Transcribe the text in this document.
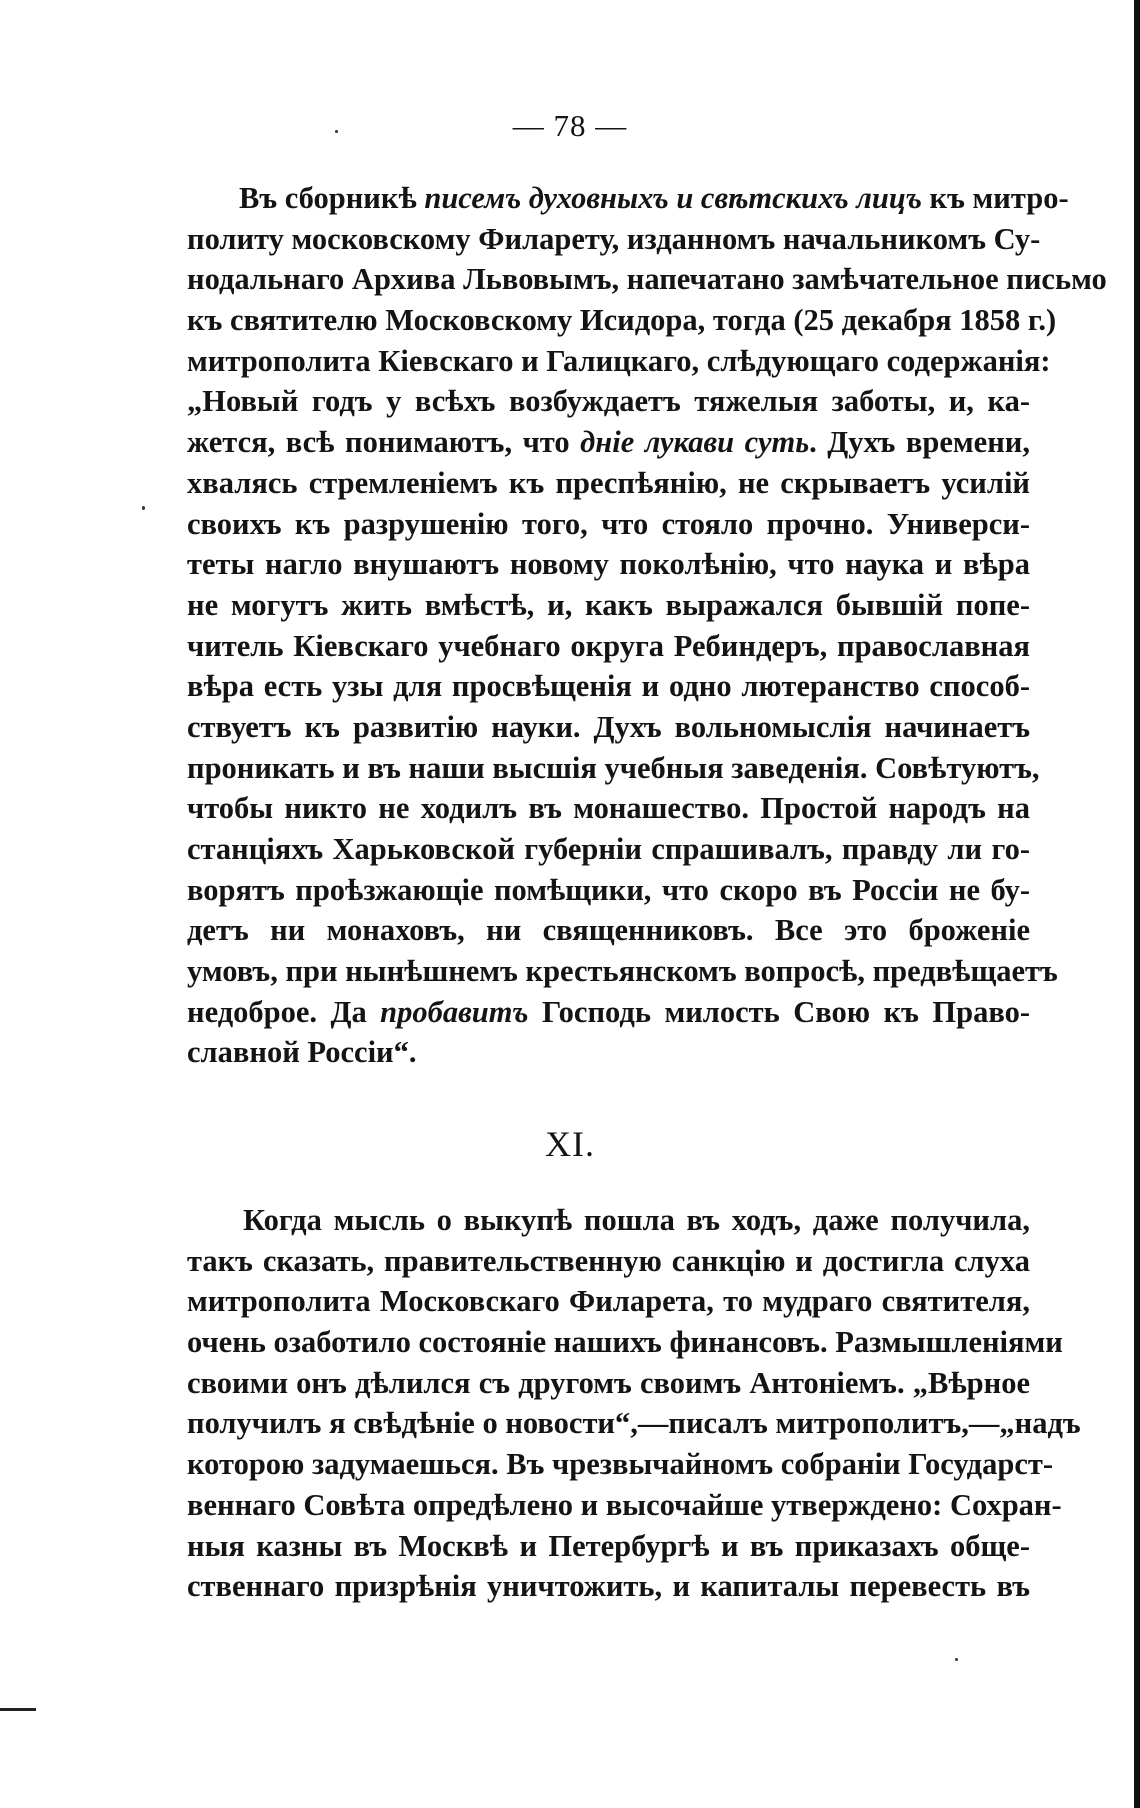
— 78 —
Въ сборникѣ писемъ духовныхъ и свѣтскихъ лицъ къ митро-
политу московскому Филарету, изданномъ начальникомъ Су-
нодальнаго Архива Львовымъ, напечатано замѣчательное письмо
къ святителю Московскому Исидора, тогда (25 декабря 1858 г.)
митрополита Кіевскаго и Галицкаго, слѣдующаго содержанія:
„Новый годъ у всѣхъ возбуждаетъ тяжелыя заботы, и, ка-
жется, всѣ понимаютъ, что дніе лукави суть. Духъ времени,
хвалясь стремленіемъ къ преспѣянію, не скрываетъ усилій
своихъ къ разрушенію того, что стояло прочно. Универси-
теты нагло внушаютъ новому поколѣнію, что наука и вѣра
не могутъ жить вмѣстѣ, и, какъ выражался бывшій попе-
читель Кіевскаго учебнаго округа Ребиндеръ, православная
вѣра есть узы для просвѣщенія и одно лютеранство способ-
ствуетъ къ развитію науки. Духъ вольномыслія начинаетъ
проникать и въ наши высшія учебныя заведенія. Совѣтуютъ,
чтобы никто не ходилъ въ монашество. Простой народъ на
станціяхъ Харьковской губерніи спрашивалъ, правду ли го-
ворятъ проѣзжающіе помѣщики, что скоро въ Россіи не бу-
детъ ни монаховъ, ни священниковъ. Все это броженіе
умовъ, при нынѣшнемъ крестьянскомъ вопросѣ, предвѣщаетъ
недоброе. Да пробавитъ Господь милость Свою къ Право-
славной Россіи“.
XI.
Когда мысль о выкупѣ пошла въ ходъ, даже получила,
такъ сказать, правительственную санкцію и достигла слуха
митрополита Московскаго Филарета, то мудраго святителя,
очень озаботило состояніе нашихъ финансовъ. Размышленіями
своими онъ дѣлился съ другомъ своимъ Антоніемъ. „Вѣрное
получилъ я свѣдѣніе о новости“,—писалъ митрополитъ,—„надъ
которою задумаешься. Въ чрезвычайномъ собраніи Государст-
веннаго Совѣта опредѣлено и высочайше утверждено: Сохран-
ныя казны въ Москвѣ и Петербургѣ и въ приказахъ обще-
ственнаго призрѣнія уничтожить, и капиталы перевесть въ
